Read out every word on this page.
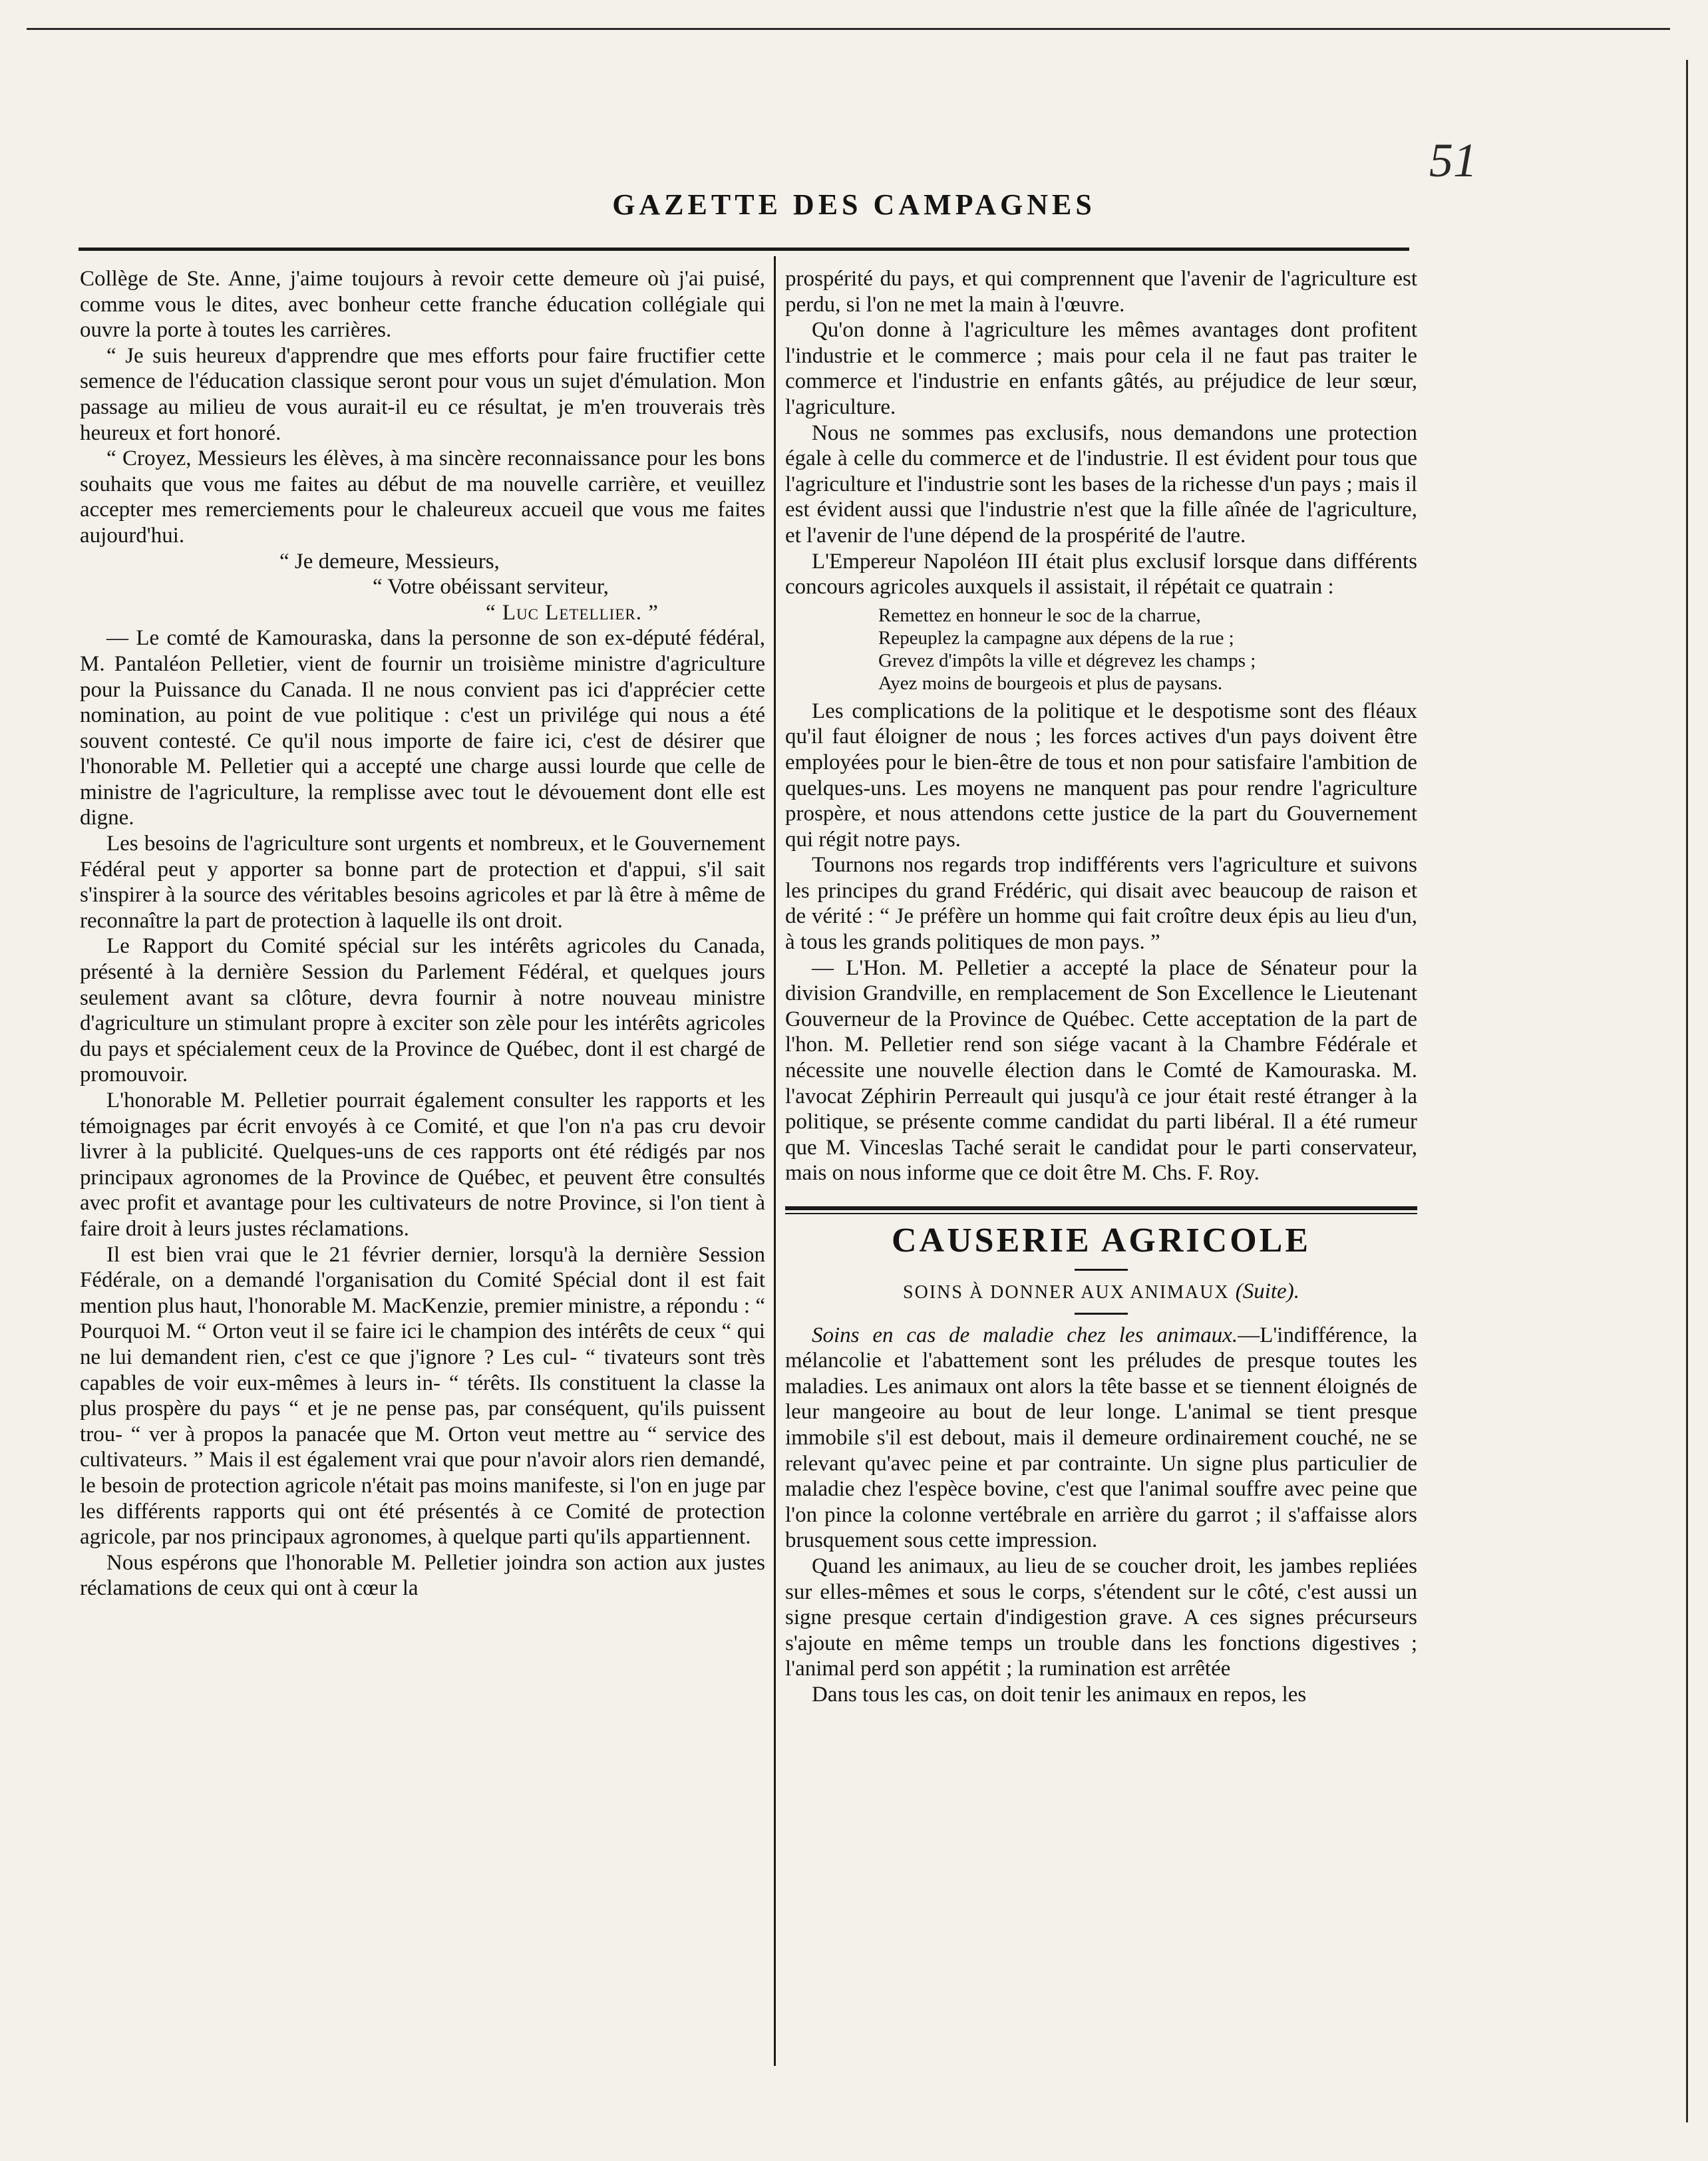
51
GAZETTE DES CAMPAGNES

Collège de Ste. Anne, j'aime toujours à revoir cette demeure où j'ai puisé, comme vous le dites, avec bonheur cette franche éducation collégiale qui ouvre la porte à toutes les carrières.

“ Je suis heureux d'apprendre que mes efforts pour faire fructifier cette semence de l'éducation classique seront pour vous un sujet d'émulation. Mon passage au milieu de vous aurait-il eu ce résultat, je m'en trouverais très heureux et fort honoré.

“ Croyez, Messieurs les élèves, à ma sincère reconnaissance pour les bons souhaits que vous me faites au début de ma nouvelle carrière, et veuillez accepter mes remerciements pour le chaleureux accueil que vous me faites aujourd'hui.

“ Je demeure, Messieurs,

“ Votre obéissant serviteur,

“ Luc Letellier. ”

— Le comté de Kamouraska, dans la personne de son ex-député fédéral, M. Pantaléon Pelletier, vient de fournir un troisième ministre d'agriculture pour la Puissance du Canada. Il ne nous convient pas ici d'apprécier cette nomination, au point de vue politique : c'est un privilége qui nous a été souvent contesté. Ce qu'il nous importe de faire ici, c'est de désirer que l'honorable M. Pelletier qui a accepté une charge aussi lourde que celle de ministre de l'agriculture, la remplisse avec tout le dévouement dont elle est digne.

Les besoins de l'agriculture sont urgents et nombreux, et le Gouvernement Fédéral peut y apporter sa bonne part de protection et d'appui, s'il sait s'inspirer à la source des véritables besoins agricoles et par là être à même de reconnaître la part de protection à laquelle ils ont droit.

Le Rapport du Comité spécial sur les intérêts agricoles du Canada, présenté à la dernière Session du Parlement Fédéral, et quelques jours seulement avant sa clôture, devra fournir à notre nouveau ministre d'agriculture un stimulant propre à exciter son zèle pour les intérêts agricoles du pays et spécialement ceux de la Province de Québec, dont il est chargé de promouvoir.

L'honorable M. Pelletier pourrait également consulter les rapports et les témoignages par écrit envoyés à ce Comité, et que l'on n'a pas cru devoir livrer à la publicité. Quelques-uns de ces rapports ont été rédigés par nos principaux agronomes de la Province de Québec, et peuvent être consultés avec profit et avantage pour les cultivateurs de notre Province, si l'on tient à faire droit à leurs justes réclamations.

Il est bien vrai que le 21 février dernier, lorsqu'à la dernière Session Fédérale, on a demandé l'organisation du Comité Spécial dont il est fait mention plus haut, l'honorable M. MacKenzie, premier ministre, a répondu : “ Pourquoi M. “ Orton veut il se faire ici le champion des intérêts de ceux “ qui ne lui demandent rien, c'est ce que j'ignore ? Les cul- “ tivateurs sont très capables de voir eux-mêmes à leurs in- “ térêts. Ils constituent la classe la plus prospère du pays “ et je ne pense pas, par conséquent, qu'ils puissent trou- “ ver à propos la panacée que M. Orton veut mettre au “ service des cultivateurs. ” Mais il est également vrai que pour n'avoir alors rien demandé, le besoin de protection agricole n'était pas moins manifeste, si l'on en juge par les différents rapports qui ont été présentés à ce Comité de protection agricole, par nos principaux agronomes, à quelque parti qu'ils appartiennent.

Nous espérons que l'honorable M. Pelletier joindra son action aux justes réclamations de ceux qui ont à cœur la

prospérité du pays, et qui comprennent que l'avenir de l'agriculture est perdu, si l'on ne met la main à l'œuvre.

Qu'on donne à l'agriculture les mêmes avantages dont profitent l'industrie et le commerce ; mais pour cela il ne faut pas traiter le commerce et l'industrie en enfants gâtés, au préjudice de leur sœur, l'agriculture.

Nous ne sommes pas exclusifs, nous demandons une protection égale à celle du commerce et de l'industrie. Il est évident pour tous que l'agriculture et l'industrie sont les bases de la richesse d'un pays ; mais il est évident aussi que l'industrie n'est que la fille aînée de l'agriculture, et l'avenir de l'une dépend de la prospérité de l'autre.

L'Empereur Napoléon III était plus exclusif lorsque dans différents concours agricoles auxquels il assistait, il répétait ce quatrain :

Remettez en honneur le soc de la charrue,
Repeuplez la campagne aux dépens de la rue ;
Grevez d'impôts la ville et dégrevez les champs ;
Ayez moins de bourgeois et plus de paysans.

Les complications de la politique et le despotisme sont des fléaux qu'il faut éloigner de nous ; les forces actives d'un pays doivent être employées pour le bien-être de tous et non pour satisfaire l'ambition de quelques-uns. Les moyens ne manquent pas pour rendre l'agriculture prospère, et nous attendons cette justice de la part du Gouvernement qui régit notre pays.

Tournons nos regards trop indifférents vers l'agriculture et suivons les principes du grand Frédéric, qui disait avec beaucoup de raison et de vérité : “ Je préfère un homme qui fait croître deux épis au lieu d'un, à tous les grands politiques de mon pays. ”

— L'Hon. M. Pelletier a accepté la place de Sénateur pour la division Grandville, en remplacement de Son Excellence le Lieutenant Gouverneur de la Province de Québec. Cette acceptation de la part de l'hon. M. Pelletier rend son siége vacant à la Chambre Fédérale et nécessite une nouvelle élection dans le Comté de Kamouraska. M. l'avocat Zéphirin Perreault qui jusqu'à ce jour était resté étranger à la politique, se présente comme candidat du parti libéral. Il a été rumeur que M. Vinceslas Taché serait le candidat pour le parti conservateur, mais on nous informe que ce doit être M. Chs. F. Roy.

CAUSERIE AGRICOLE
SOINS À DONNER AUX ANIMAUX (Suite).

Soins en cas de maladie chez les animaux.—L'indifférence, la mélancolie et l'abattement sont les préludes de presque toutes les maladies. Les animaux ont alors la tête basse et se tiennent éloignés de leur mangeoire au bout de leur longe. L'animal se tient presque immobile s'il est debout, mais il demeure ordinairement couché, ne se relevant qu'avec peine et par contrainte. Un signe plus particulier de maladie chez l'espèce bovine, c'est que l'animal souffre avec peine que l'on pince la colonne vertébrale en arrière du garrot ; il s'affaisse alors brusquement sous cette impression.

Quand les animaux, au lieu de se coucher droit, les jambes repliées sur elles-mêmes et sous le corps, s'étendent sur le côté, c'est aussi un signe presque certain d'indigestion grave. A ces signes précurseurs s'ajoute en même temps un trouble dans les fonctions digestives ; l'animal perd son appétit ; la rumination est arrêtée

Dans tous les cas, on doit tenir les animaux en repos, les
